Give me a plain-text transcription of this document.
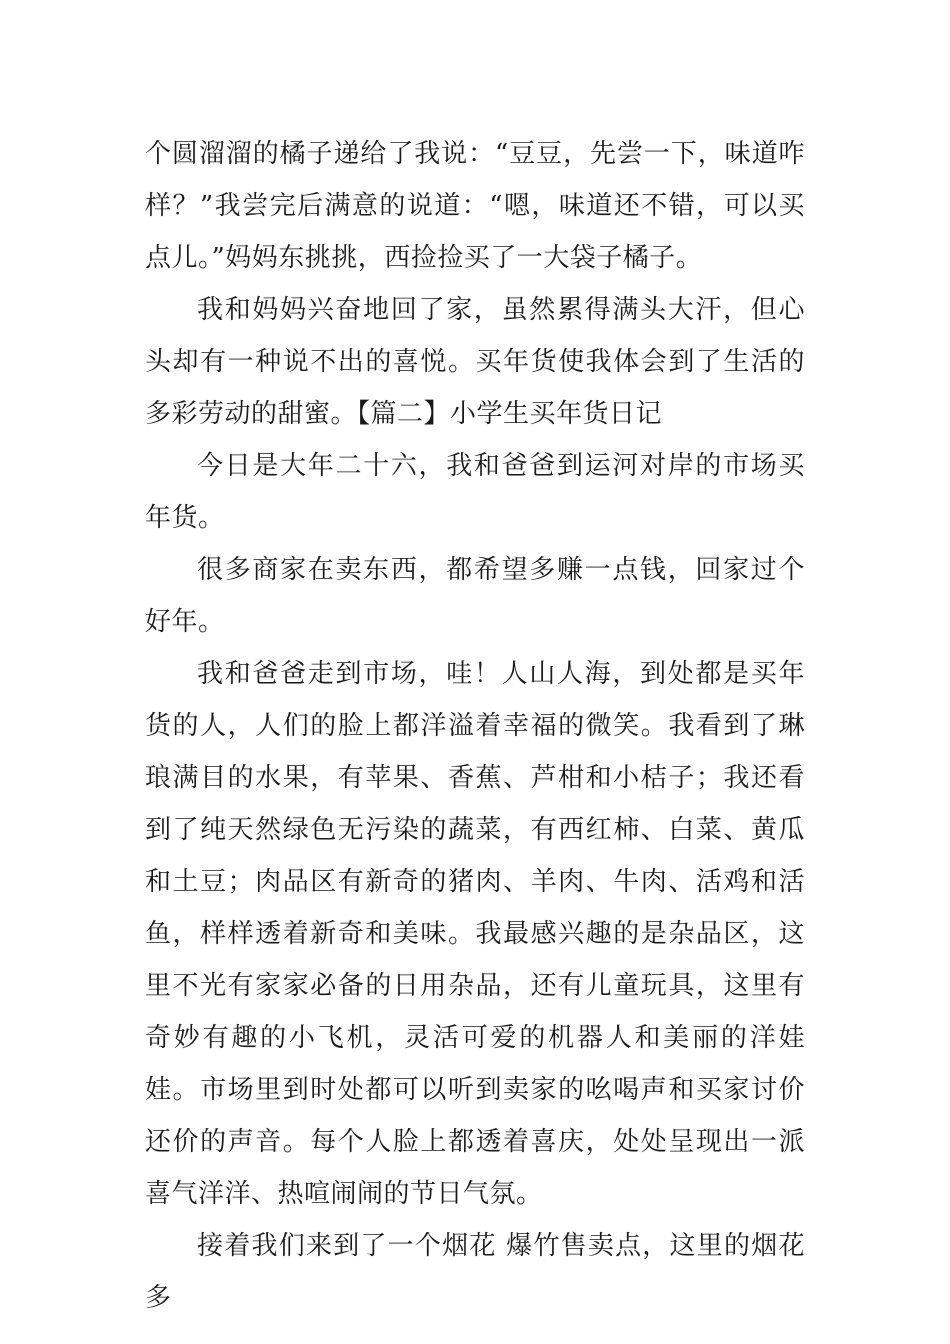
个圆溜溜的橘子递给了我说：“豆豆，先尝一下，味道咋样？”我尝完后满意的说道：“嗯，味道还不错，可以买点儿。”妈妈东挑挑，西捡捡买了一大袋子橘子。

我和妈妈兴奋地回了家，虽然累得满头大汗，但心头却有一种说不出的喜悦。买年货使我体会到了生活的多彩劳动的甜蜜。【篇二】小学生买年货日记

今日是大年二十六，我和爸爸到运河对岸的市场买年货。

很多商家在卖东西，都希望多赚一点钱，回家过个好年。

我和爸爸走到市场，哇！人山人海，到处都是买年货的人，人们的脸上都洋溢着幸福的微笑。我看到了琳琅满目的水果，有苹果、香蕉、芦柑和小桔子；我还看到了纯天然绿色无污染的蔬菜，有西红柿、白菜、黄瓜和土豆；肉品区有新奇的猪肉、羊肉、牛肉、活鸡和活鱼，样样透着新奇和美味。我最感兴趣的是杂品区，这里不光有家家必备的日用杂品，还有儿童玩具，这里有奇妙有趣的小飞机，灵活可爱的机器人和美丽的洋娃娃。市场里到时处都可以听到卖家的吆喝声和买家讨价还价的声音。每个人脸上都透着喜庆，处处呈现出一派喜气洋洋、热喧闹闹的节日气氛。

接着我们来到了一个烟花 爆竹售卖点，这里的烟花多
